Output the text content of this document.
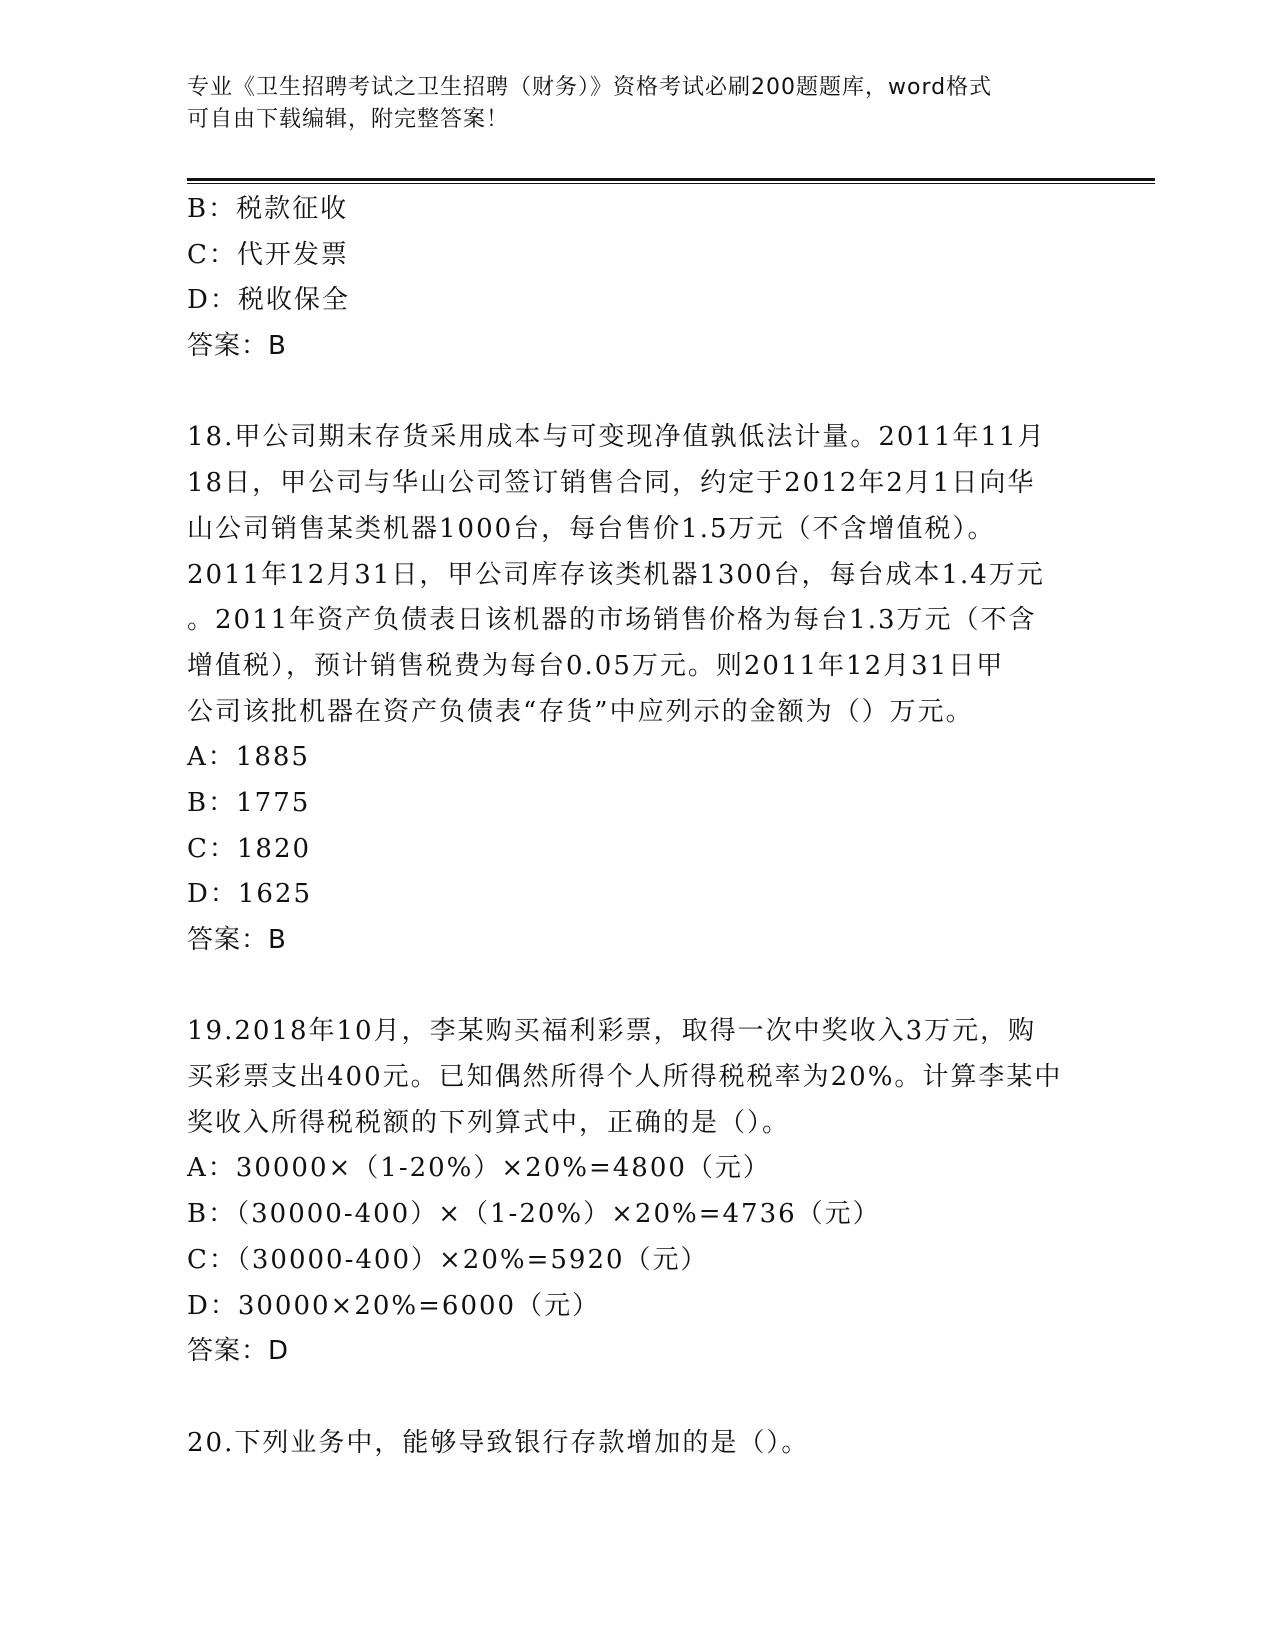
专业《卫生招聘考试之卫生招聘（财务）》资格考试必刷200题题库，word格式
可自由下载编辑，附完整答案！
B：税款征收
C：代开发票
D：税收保全
答案：B
18.甲公司期末存货采用成本与可变现净值孰低法计量。2011年11月
18日，甲公司与华山公司签订销售合同，约定于2012年2月1日向华
山公司销售某类机器1000台，每台售价1.5万元（不含增值税）。
2011年12月31日，甲公司库存该类机器1300台，每台成本1.4万元
。2011年资产负债表日该机器的市场销售价格为每台1.3万元（不含
增值税），预计销售税费为每台0.05万元。则2011年12月31日甲
公司该批机器在资产负债表“存货”中应列示的金额为（）万元。
A：1885
B：1775
C：1820
D：1625
答案：B
19.2018年10月，李某购买福利彩票，取得一次中奖收入3万元，购
买彩票支出400元。已知偶然所得个人所得税税率为20%。计算李某中
奖收入所得税税额的下列算式中，正确的是（）。
A：30000×（1-20%）×20%=4800（元）
B：（30000-400）×（1-20%）×20%=4736（元）
C：（30000-400）×20%=5920（元）
D：30000×20%=6000（元）
答案：D
20.下列业务中，能够导致银行存款增加的是（）。
